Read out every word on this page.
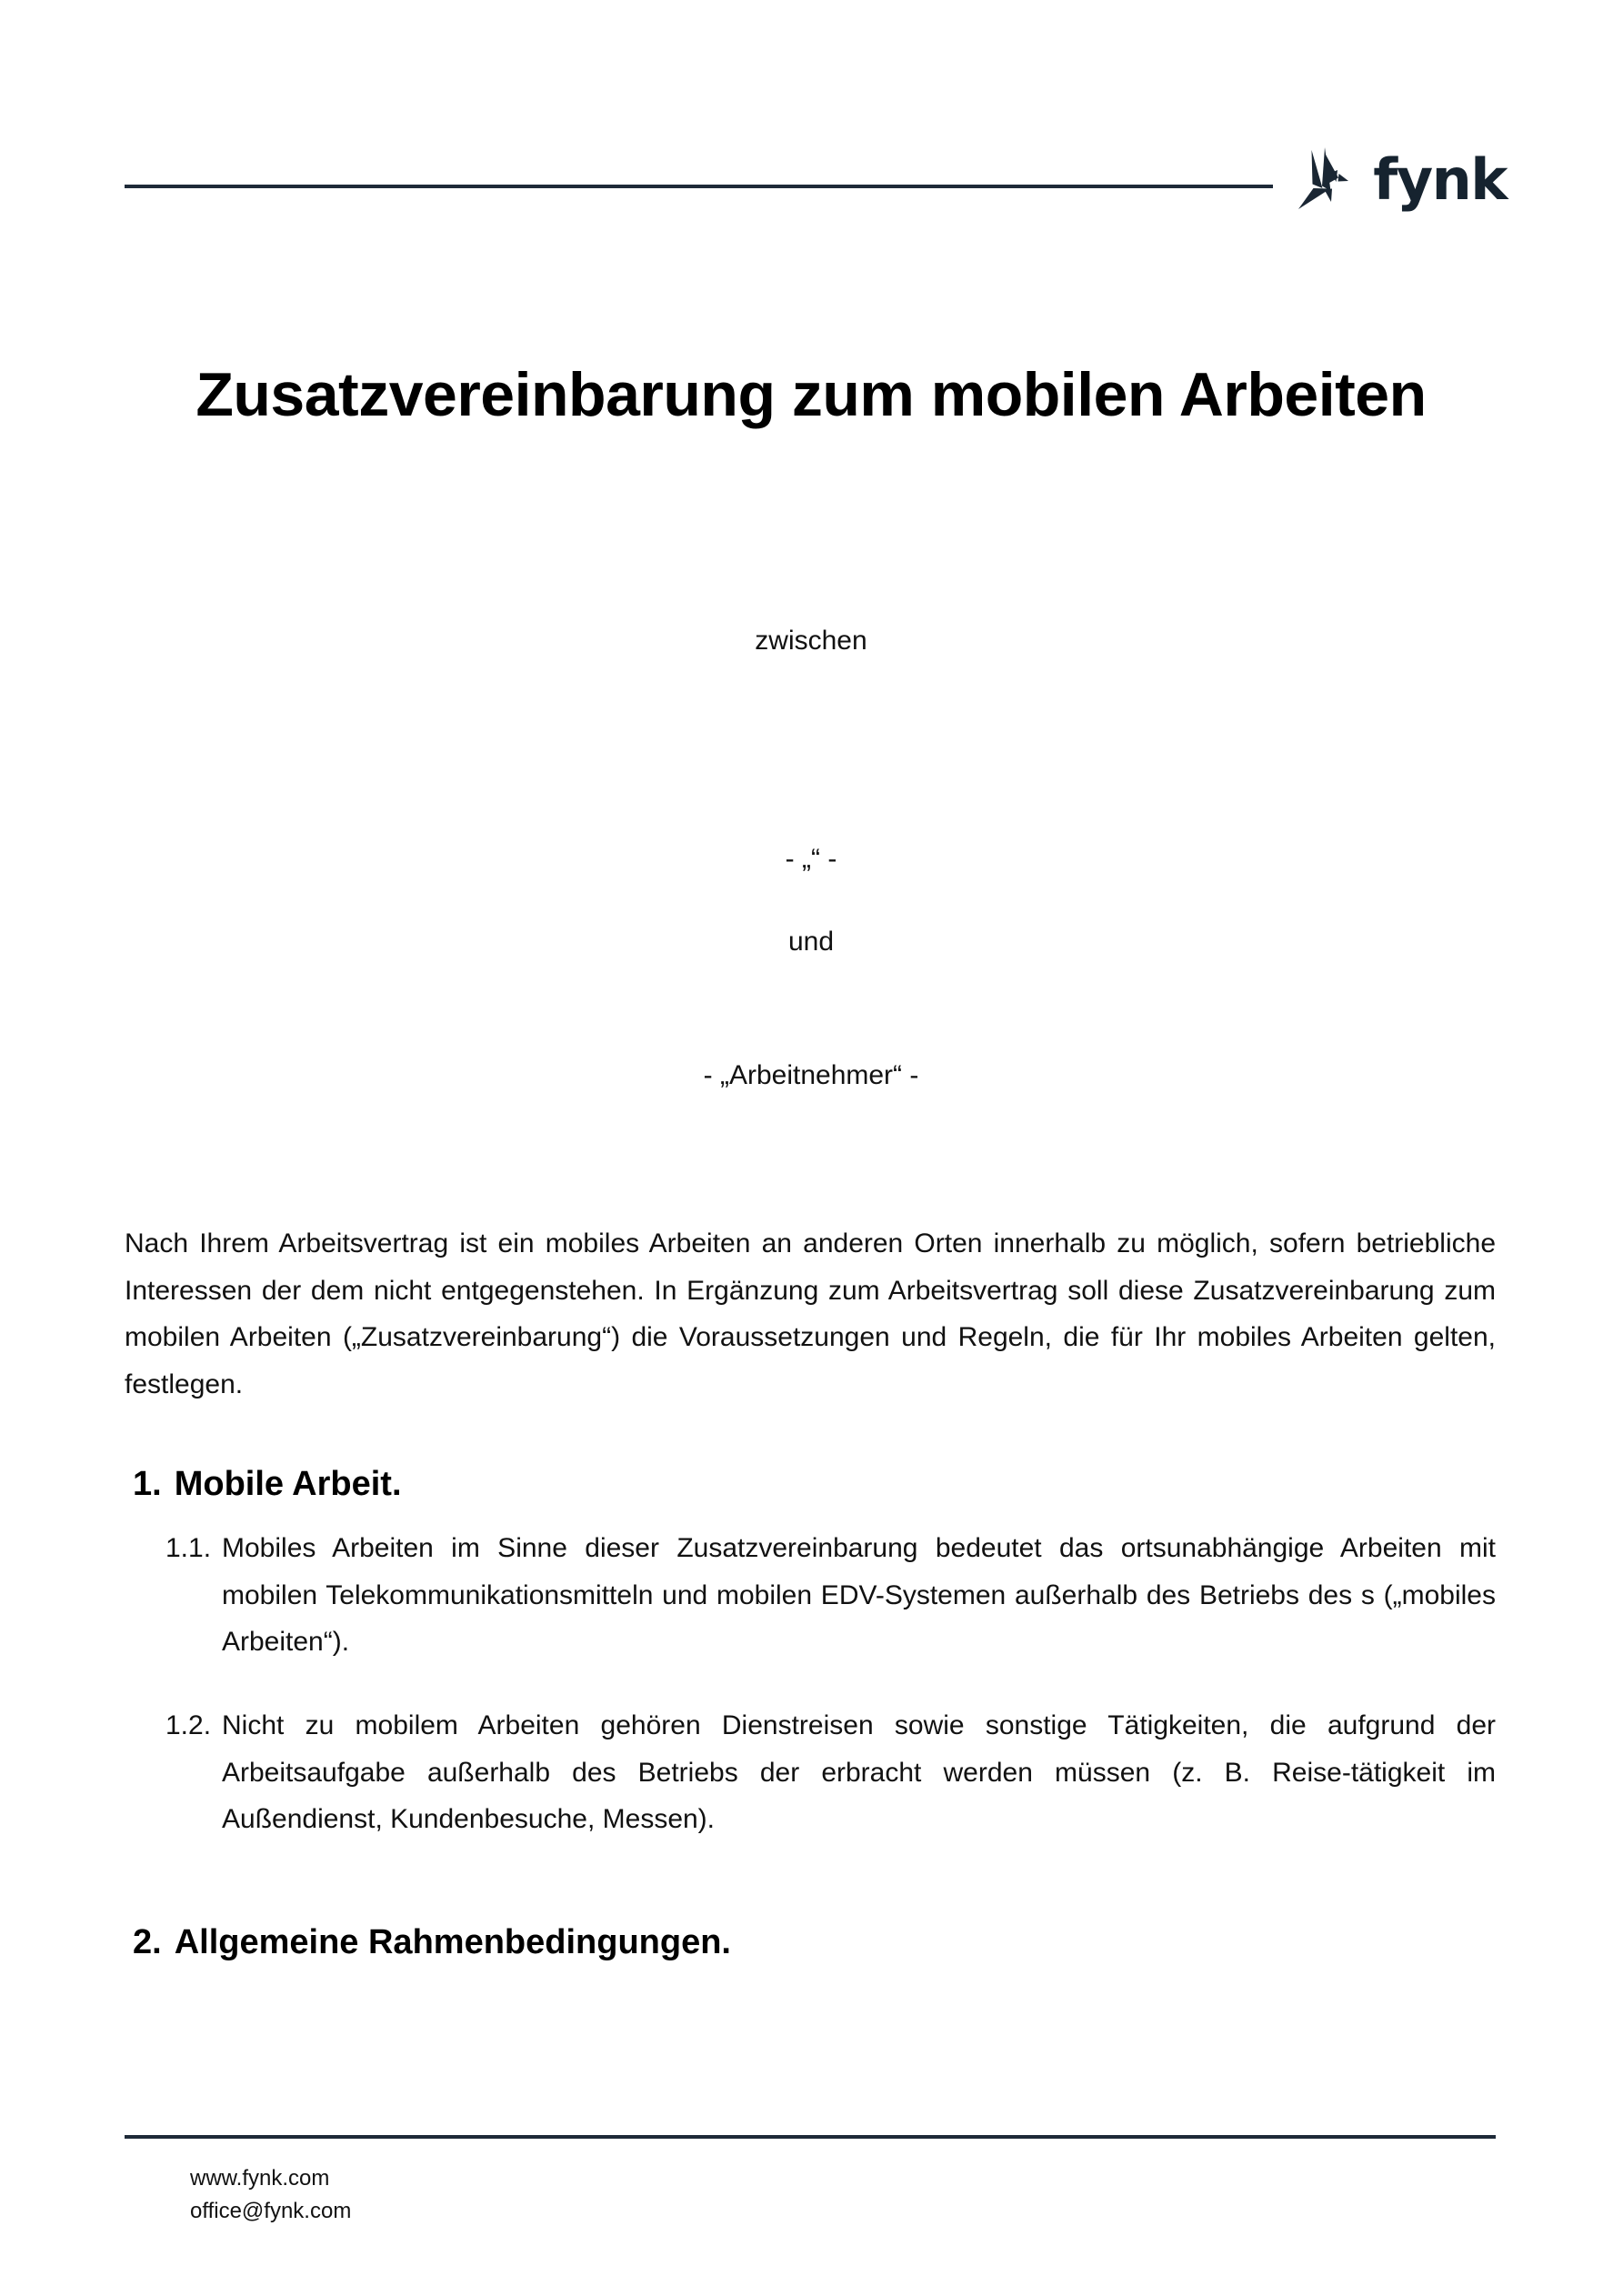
fynk
Zusatzvereinbarung zum mobilen Arbeiten
zwischen
- „“ -
und
- „Arbeitnehmer“ -

Nach Ihrem Arbeitsvertrag ist ein mobiles Arbeiten an anderen Orten innerhalb zu möglich, sofern betriebliche Interessen der dem nicht entgegenstehen. In Ergänzung zum Arbeitsvertrag soll diese Zusatzvereinbarung zum mobilen Arbeiten („Zusatzvereinbarung“) die Voraussetzungen und Regeln, die für Ihr mobiles Arbeiten gelten, festlegen.

1. Mobile Arbeit.
1.1. Mobiles Arbeiten im Sinne dieser Zusatzvereinbarung bedeutet das ortsunabhängige Arbeiten mit mobilen Telekommunikationsmitteln und mobilen EDV-Systemen außerhalb des Betriebs des s („mobiles Arbeiten“).
1.2. Nicht zu mobilem Arbeiten gehören Dienstreisen sowie sonstige Tätigkeiten, die aufgrund der Arbeitsaufgabe außerhalb des Betriebs der erbracht werden müssen (z. B. Reise-tätigkeit im Außendienst, Kundenbesuche, Messen).
2. Allgemeine Rahmenbedingungen.
www.fynk.com
office@fynk.com
